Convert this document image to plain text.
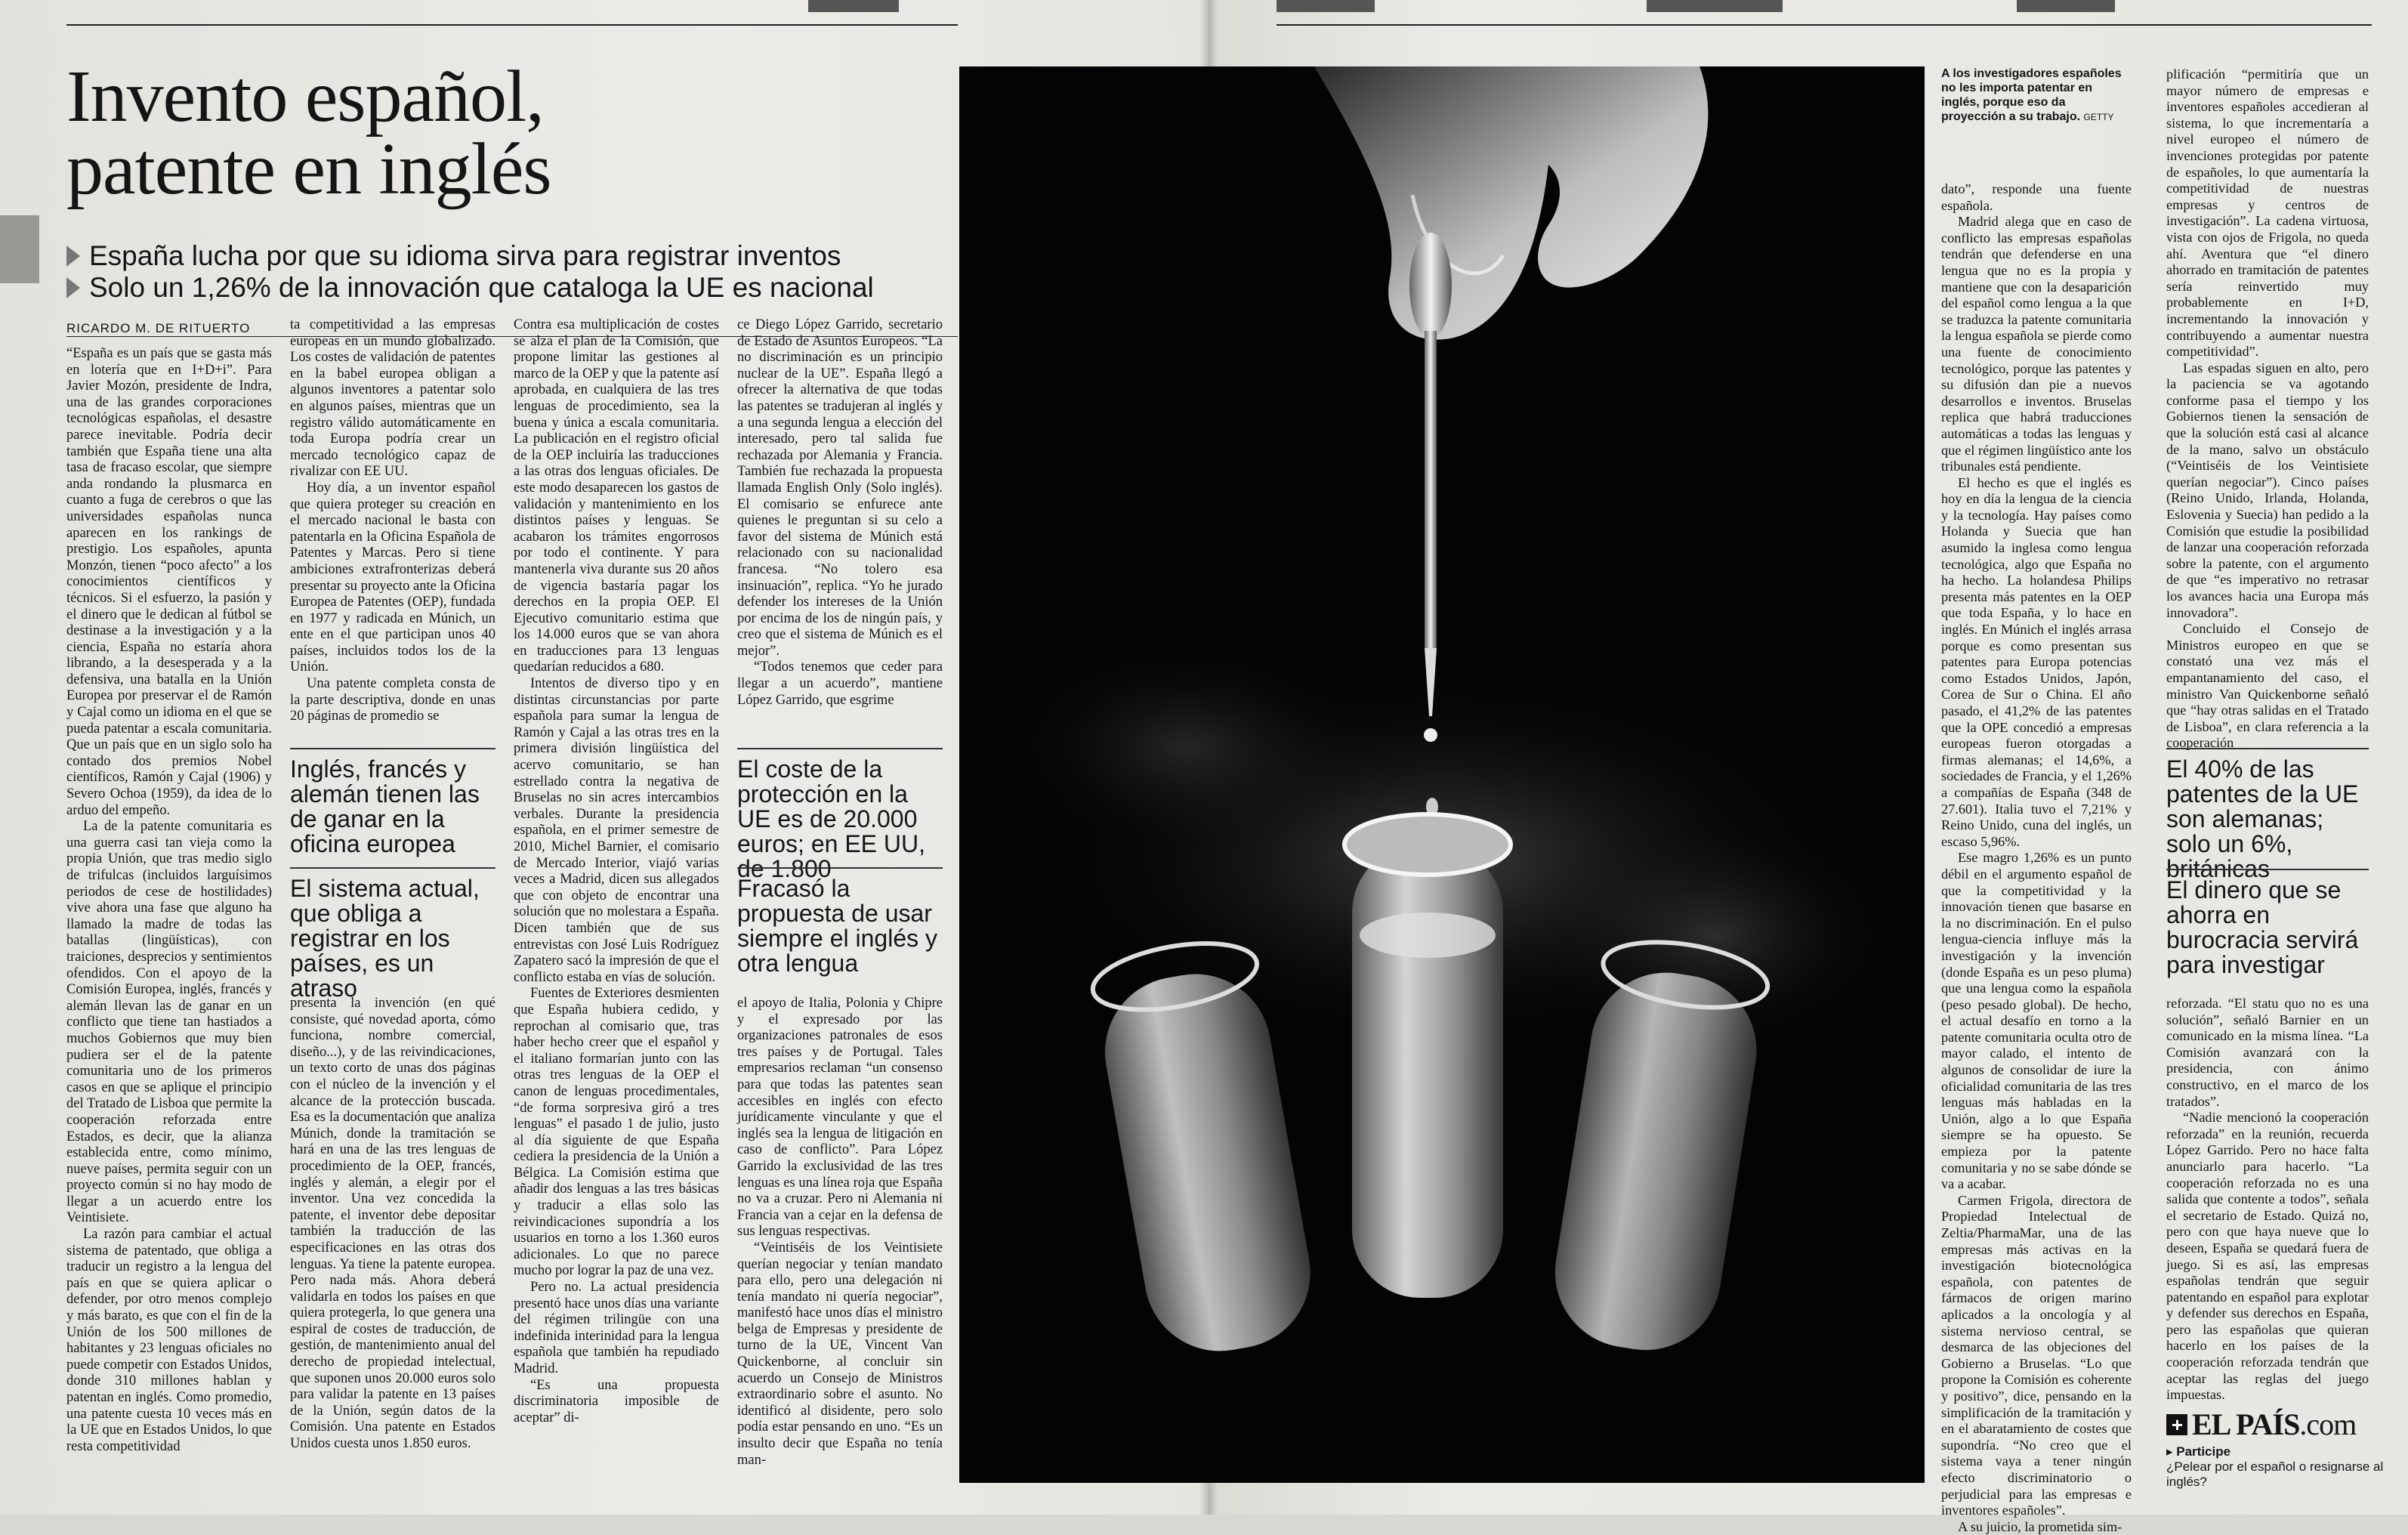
Invento español,
patente en inglés
España lucha por que su idioma sirva para registrar inventos
Solo un 1,26% de la innovación que cataloga la UE es nacional
RICARDO M. DE RITUERTO

“España es un país que se gasta más en lotería que en I+D+i”. Para Javier Mozón, presidente de Indra, una de las grandes corporaciones tecnológicas españolas, el desastre parece inevitable. Podría decir también que España tiene una alta tasa de fracaso escolar, que siempre anda rondando la plusmarca en cuanto a fuga de cerebros o que las universidades españolas nunca aparecen en los rankings de prestigio. Los españoles, apunta Monzón, tienen “poco afecto” a los conocimientos científicos y técnicos. Si el esfuerzo, la pasión y el dinero que le dedican al fútbol se destinase a la investigación y a la ciencia, España no estaría ahora librando, a la desesperada y a la defensiva, una batalla en la Unión Europea por preservar el de Ramón y Cajal como un idioma en el que se pueda patentar a escala comunitaria. Que un país que en un siglo solo ha contado dos premios Nobel científicos, Ramón y Cajal (1906) y Severo Ochoa (1959), da idea de lo arduo del empeño.

La de la patente comunitaria es una guerra casi tan vieja como la propia Unión, que tras medio siglo de trifulcas (incluidos larguísimos periodos de cese de hostilidades) vive ahora una fase que alguno ha llamado la madre de todas las batallas (lingüísticas), con traiciones, desprecios y sentimientos ofendidos. Con el apoyo de la Comisión Europea, inglés, francés y alemán llevan las de ganar en un conflicto que tiene tan hastiados a muchos Gobiernos que muy bien pudiera ser el de la patente comunitaria uno de los primeros casos en que se aplique el principio del Tratado de Lisboa que permite la cooperación reforzada entre Estados, es decir, que la alianza establecida entre, como mínimo, nueve países, permita seguir con un proyecto común si no hay modo de llegar a un acuerdo entre los Veintisiete.

La razón para cambiar el actual sistema de patentado, que obliga a traducir un registro a la lengua del país en que se quiera aplicar o defender, por otro menos complejo y más barato, es que con el fin de la Unión de los 500 millones de habitantes y 23 lenguas oficiales no puede competir con Estados Unidos, donde 310 millones hablan y patentan en inglés. Como promedio, una patente cuesta 10 veces más en la UE que en Estados Unidos, lo que resta competitividad

ta competitividad a las empresas europeas en un mundo globalizado. Los costes de validación de patentes en la babel europea obligan a algunos inventores a patentar solo en algunos países, mientras que un registro válido automáticamente en toda Europa podría crear un mercado tecnológico capaz de rivalizar con EE UU.

Hoy día, a un inventor español que quiera proteger su creación en el mercado nacional le basta con patentarla en la Oficina Española de Patentes y Marcas. Pero si tiene ambiciones extrafronterizas deberá presentar su proyecto ante la Oficina Europea de Patentes (OEP), fundada en 1977 y radicada en Múnich, un ente en el que participan unos 40 países, incluidos todos los de la Unión.

Una patente completa consta de la parte descriptiva, donde en unas 20 páginas de promedio se

Inglés, francés y alemán tienen las de ganar en la oficina europea
El sistema actual, que obliga a registrar en los países, es un atraso

presenta la invención (en qué consiste, qué novedad aporta, cómo funciona, nombre comercial, diseño...), y de las reivindicaciones, un texto corto de unas dos páginas con el núcleo de la invención y el alcance de la protección buscada. Esa es la documentación que analiza Múnich, donde la tramitación se hará en una de las tres lenguas de procedimiento de la OEP, francés, inglés y alemán, a elegir por el inventor. Una vez concedida la patente, el inventor debe depositar también la traducción de las especificaciones en las otras dos lenguas. Ya tiene la patente europea. Pero nada más. Ahora deberá validarla en todos los países en que quiera protegerla, lo que genera una espiral de costes de traducción, de gestión, de mantenimiento anual del derecho de propiedad intelectual, que suponen unos 20.000 euros solo para validar la patente en 13 países de la Unión, según datos de la Comisión. Una patente en Estados Unidos cuesta unos 1.850 euros.

Contra esa multiplicación de costes se alza el plan de la Comisión, que propone limitar las gestiones al marco de la OEP y que la patente así aprobada, en cualquiera de las tres lenguas de procedimiento, sea la buena y única a escala comunitaria. La publicación en el registro oficial de la OEP incluiría las traducciones a las otras dos lenguas oficiales. De este modo desaparecen los gastos de validación y mantenimiento en los distintos países y lenguas. Se acabaron los trámites engorrosos por todo el continente. Y para mantenerla viva durante sus 20 años de vigencia bastaría pagar los derechos en la propia OEP. El Ejecutivo comunitario estima que los 14.000 euros que se van ahora en traducciones para 13 lenguas quedarían reducidos a 680.

Intentos de diverso tipo y en distintas circunstancias por parte española para sumar la lengua de Ramón y Cajal a las otras tres en la primera división lingüística del acervo comunitario, se han estrellado contra la negativa de Bruselas no sin acres intercambios verbales. Durante la presidencia española, en el primer semestre de 2010, Michel Barnier, el comisario de Mercado Interior, viajó varias veces a Madrid, dicen sus allegados que con objeto de encontrar una solución que no molestara a España. Dicen también que de sus entrevistas con José Luis Rodríguez Zapatero sacó la impresión de que el conflicto estaba en vías de solución.

Fuentes de Exteriores desmienten que España hubiera cedido, y reprochan al comisario que, tras haber hecho creer que el español y el italiano formarían junto con las otras tres lenguas de la OEP el canon de lenguas procedimentales, “de forma sorpresiva giró a tres lenguas” el pasado 1 de julio, justo al día siguiente de que España cediera la presidencia de la Unión a Bélgica. La Comisión estima que añadir dos lenguas a las tres básicas y traducir a ellas solo las reivindicaciones supondría a los usuarios en torno a los 1.360 euros adicionales. Lo que no parece mucho por lograr la paz de una vez.

Pero no. La actual presidencia presentó hace unos días una variante del régimen trilingüe con una indefinida interinidad para la lengua española que también ha repudiado Madrid.

“Es una propuesta discriminatoria imposible de aceptar” di-

ce Diego López Garrido, secretario de Estado de Asuntos Europeos. “La no discriminación es un principio nuclear de la UE”. España llegó a ofrecer la alternativa de que todas las patentes se tradujeran al inglés y a una segunda lengua a elección del interesado, pero tal salida fue rechazada por Alemania y Francia. También fue rechazada la propuesta llamada English Only (Solo inglés). El comisario se enfurece ante quienes le preguntan si su celo a favor del sistema de Múnich está relacionado con su nacionalidad francesa. “No tolero esa insinuación”, replica. “Yo he jurado defender los intereses de la Unión por encima de los de ningún país, y creo que el sistema de Múnich es el mejor”.

“Todos tenemos que ceder para llegar a un acuerdo”, mantiene López Garrido, que esgrime

El coste de la protección en la UE es de 20.000 euros; en EE UU, de 1.800
Fracasó la propuesta de usar siempre el inglés y otra lengua

el apoyo de Italia, Polonia y Chipre y el expresado por las organizaciones patronales de esos tres países y de Portugal. Tales empresarios reclaman “un consenso para que todas las patentes sean accesibles en inglés con efecto jurídicamente vinculante y que el inglés sea la lengua de litigación en caso de conflicto”. Para López Garrido la exclusividad de las tres lenguas es una línea roja que España no va a cruzar. Pero ni Alemania ni Francia van a cejar en la defensa de sus lenguas respectivas.

“Veintiséis de los Veintisiete querían negociar y tenían mandato para ello, pero una delegación ni tenía mandato ni quería negociar”, manifestó hace unos días el ministro belga de Empresas y presidente de turno de la UE, Vincent Van Quickenborne, al concluir sin acuerdo un Consejo de Ministros extraordinario sobre el asunto. No identificó al disidente, pero solo podía estar pensando en uno. “Es un insulto decir que España no tenía man-

A los investigadores españoles no les importa patentar en inglés, porque eso da proyección a su trabajo. GETTY

dato”, responde una fuente española.

Madrid alega que en caso de conflicto las empresas españolas tendrán que defenderse en una lengua que no es la propia y mantiene que con la desaparición del español como lengua a la que se traduzca la patente comunitaria la lengua española se pierde como una fuente de conocimiento tecnológico, porque las patentes y su difusión dan pie a nuevos desarrollos e inventos. Bruselas replica que habrá traducciones automáticas a todas las lenguas y que el régimen lingüístico ante los tribunales está pendiente.

El hecho es que el inglés es hoy en día la lengua de la ciencia y la tecnología. Hay países como Holanda y Suecia que han asumido la inglesa como lengua tecnológica, algo que España no ha hecho. La holandesa Philips presenta más patentes en la OEP que toda España, y lo hace en inglés. En Múnich el inglés arrasa porque es como presentan sus patentes para Europa potencias como Estados Unidos, Japón, Corea de Sur o China. El año pasado, el 41,2% de las patentes que la OPE concedió a empresas europeas fueron otorgadas a firmas alemanas; el 14,6%, a sociedades de Francia, y el 1,26% a compañías de España (348 de 27.601). Italia tuvo el 7,21% y Reino Unido, cuna del inglés, un escaso 5,96%.

Ese magro 1,26% es un punto débil en el argumento español de que la competitividad y la innovación tienen que basarse en la no discriminación. En el pulso lengua-ciencia influye más la investigación y la invención (donde España es un peso pluma) que una lengua como la española (peso pesado global). De hecho, el actual desafío en torno a la patente comunitaria oculta otro de mayor calado, el intento de algunos de consolidar de iure la oficialidad comunitaria de las tres lenguas más habladas en la Unión, algo a lo que España siempre se ha opuesto. Se empieza por la patente comunitaria y no se sabe dónde se va a acabar.

Carmen Frigola, directora de Propiedad Intelectual de Zeltia/PharmaMar, una de las empresas más activas en la investigación biotecnológica española, con patentes de fármacos de origen marino aplicados a la oncología y al sistema nervioso central, se desmarca de las objeciones del Gobierno a Bruselas. “Lo que propone la Comisión es coherente y positivo”, dice, pensando en la simplificación de la tramitación y en el abaratamiento de costes que supondría. “No creo que el sistema vaya a tener ningún efecto discriminatorio o perjudicial para las empresas e inventores españoles”.

A su juicio, la prometida sim-

plificación “permitiría que un mayor número de empresas e inventores españoles accedieran al sistema, lo que incrementaría a nivel europeo el número de invenciones protegidas por patente de españoles, lo que aumentaría la competitividad de nuestras empresas y centros de investigación”. La cadena virtuosa, vista con ojos de Frigola, no queda ahí. Aventura que “el dinero ahorrado en tramitación de patentes sería reinvertido muy probablemente en I+D, incrementando la innovación y contribuyendo a aumentar nuestra competitividad”.

Las espadas siguen en alto, pero la paciencia se va agotando conforme pasa el tiempo y los Gobiernos tienen la sensación de que la solución está casi al alcance de la mano, salvo un obstáculo (“Veintiséis de los Veintisiete querían negociar”). Cinco países (Reino Unido, Irlanda, Holanda, Eslovenia y Suecia) han pedido a la Comisión que estudie la posibilidad de lanzar una cooperación reforzada sobre la patente, con el argumento de que “es imperativo no retrasar los avances hacia una Europa más innovadora”.

Concluido el Consejo de Ministros europeo en que se constató una vez más el empantanamiento del caso, el ministro Van Quickenborne señaló que “hay otras salidas en el Tratado de Lisboa”, en clara referencia a la cooperación

El 40% de las patentes de la UE son alemanas; solo un 6%, británicas
El dinero que se ahorra en burocracia servirá para investigar

reforzada. “El statu quo no es una solución”, señaló Barnier en un comunicado en la misma línea. “La Comisión avanzará con la presidencia, con ánimo constructivo, en el marco de los tratados”.

“Nadie mencionó la cooperación reforzada” en la reunión, recuerda López Garrido. Pero no hace falta anunciarlo para hacerlo. “La cooperación reforzada no es una salida que contente a todos”, señala el secretario de Estado. Quizá no, pero con que haya nueve que lo deseen, España se quedará fuera de juego. Si es así, las empresas españolas tendrán que seguir patentando en español para explotar y defender sus derechos en España, pero las españolas que quieran hacerlo en los países de la cooperación reforzada tendrán que aceptar las reglas del juego impuestas.

+ EL PAÍS .com
▸ Participe
¿Pelear por el español o resignarse al inglés?
